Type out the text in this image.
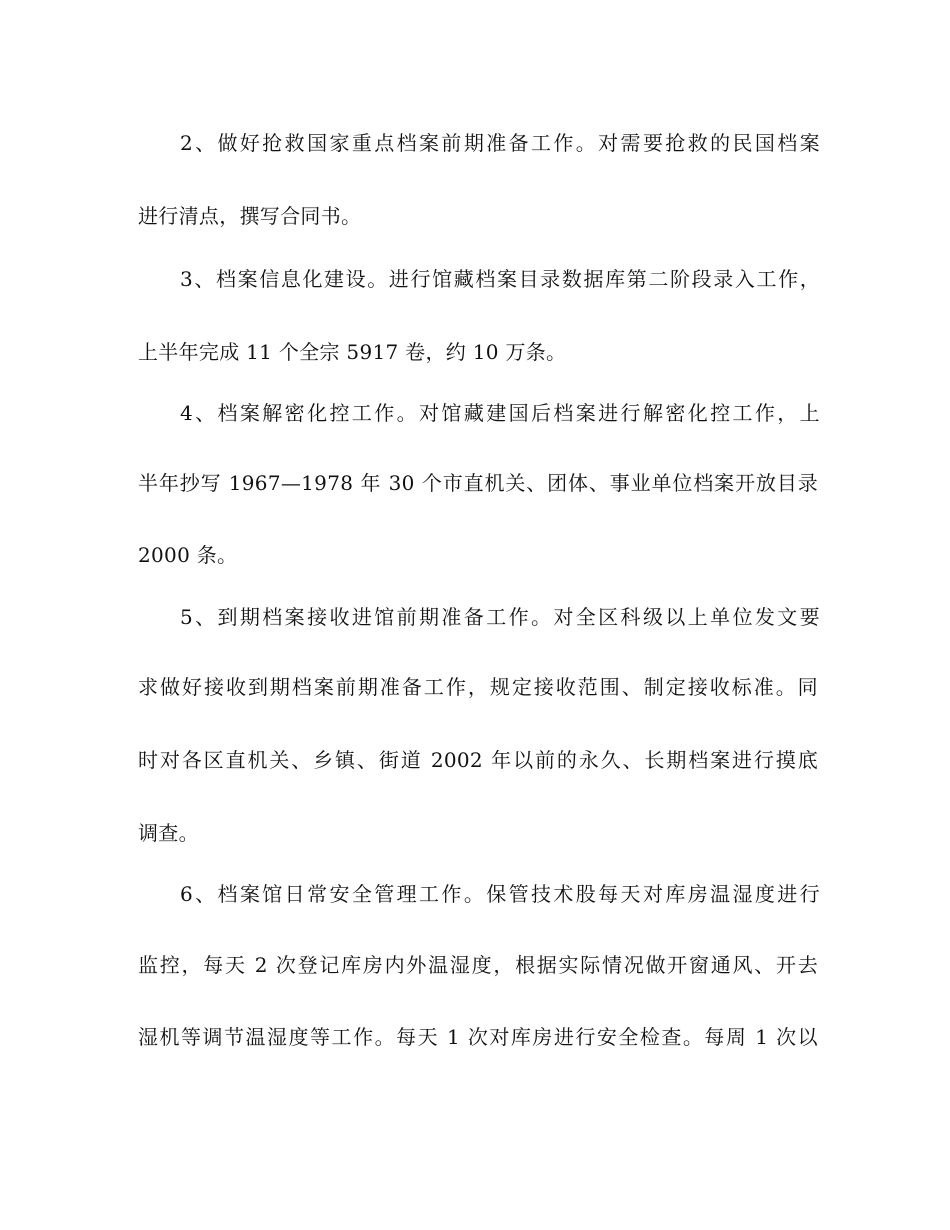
2、做好抢救国家重点档案前期准备工作。对需要抢救的民国档案
进行清点，撰写合同书。
3、档案信息化建设。进行馆藏档案目录数据库第二阶段录入工作，
上半年完成 11 个全宗 5917 卷，约 10 万条。
4、档案解密化控工作。对馆藏建国后档案进行解密化控工作，上
半年抄写 1967—1978 年 30 个市直机关、团体、事业单位档案开放目录
2000 条。
5、到期档案接收进馆前期准备工作。对全区科级以上单位发文要
求做好接收到期档案前期准备工作，规定接收范围、制定接收标准。同
时对各区直机关、乡镇、街道 2002 年以前的永久、长期档案进行摸底
调查。
6、档案馆日常安全管理工作。保管技术股每天对库房温湿度进行
监控，每天 2 次登记库房内外温湿度，根据实际情况做开窗通风、开去
湿机等调节温湿度等工作。每天 1 次对库房进行安全检查。每周 1 次以
